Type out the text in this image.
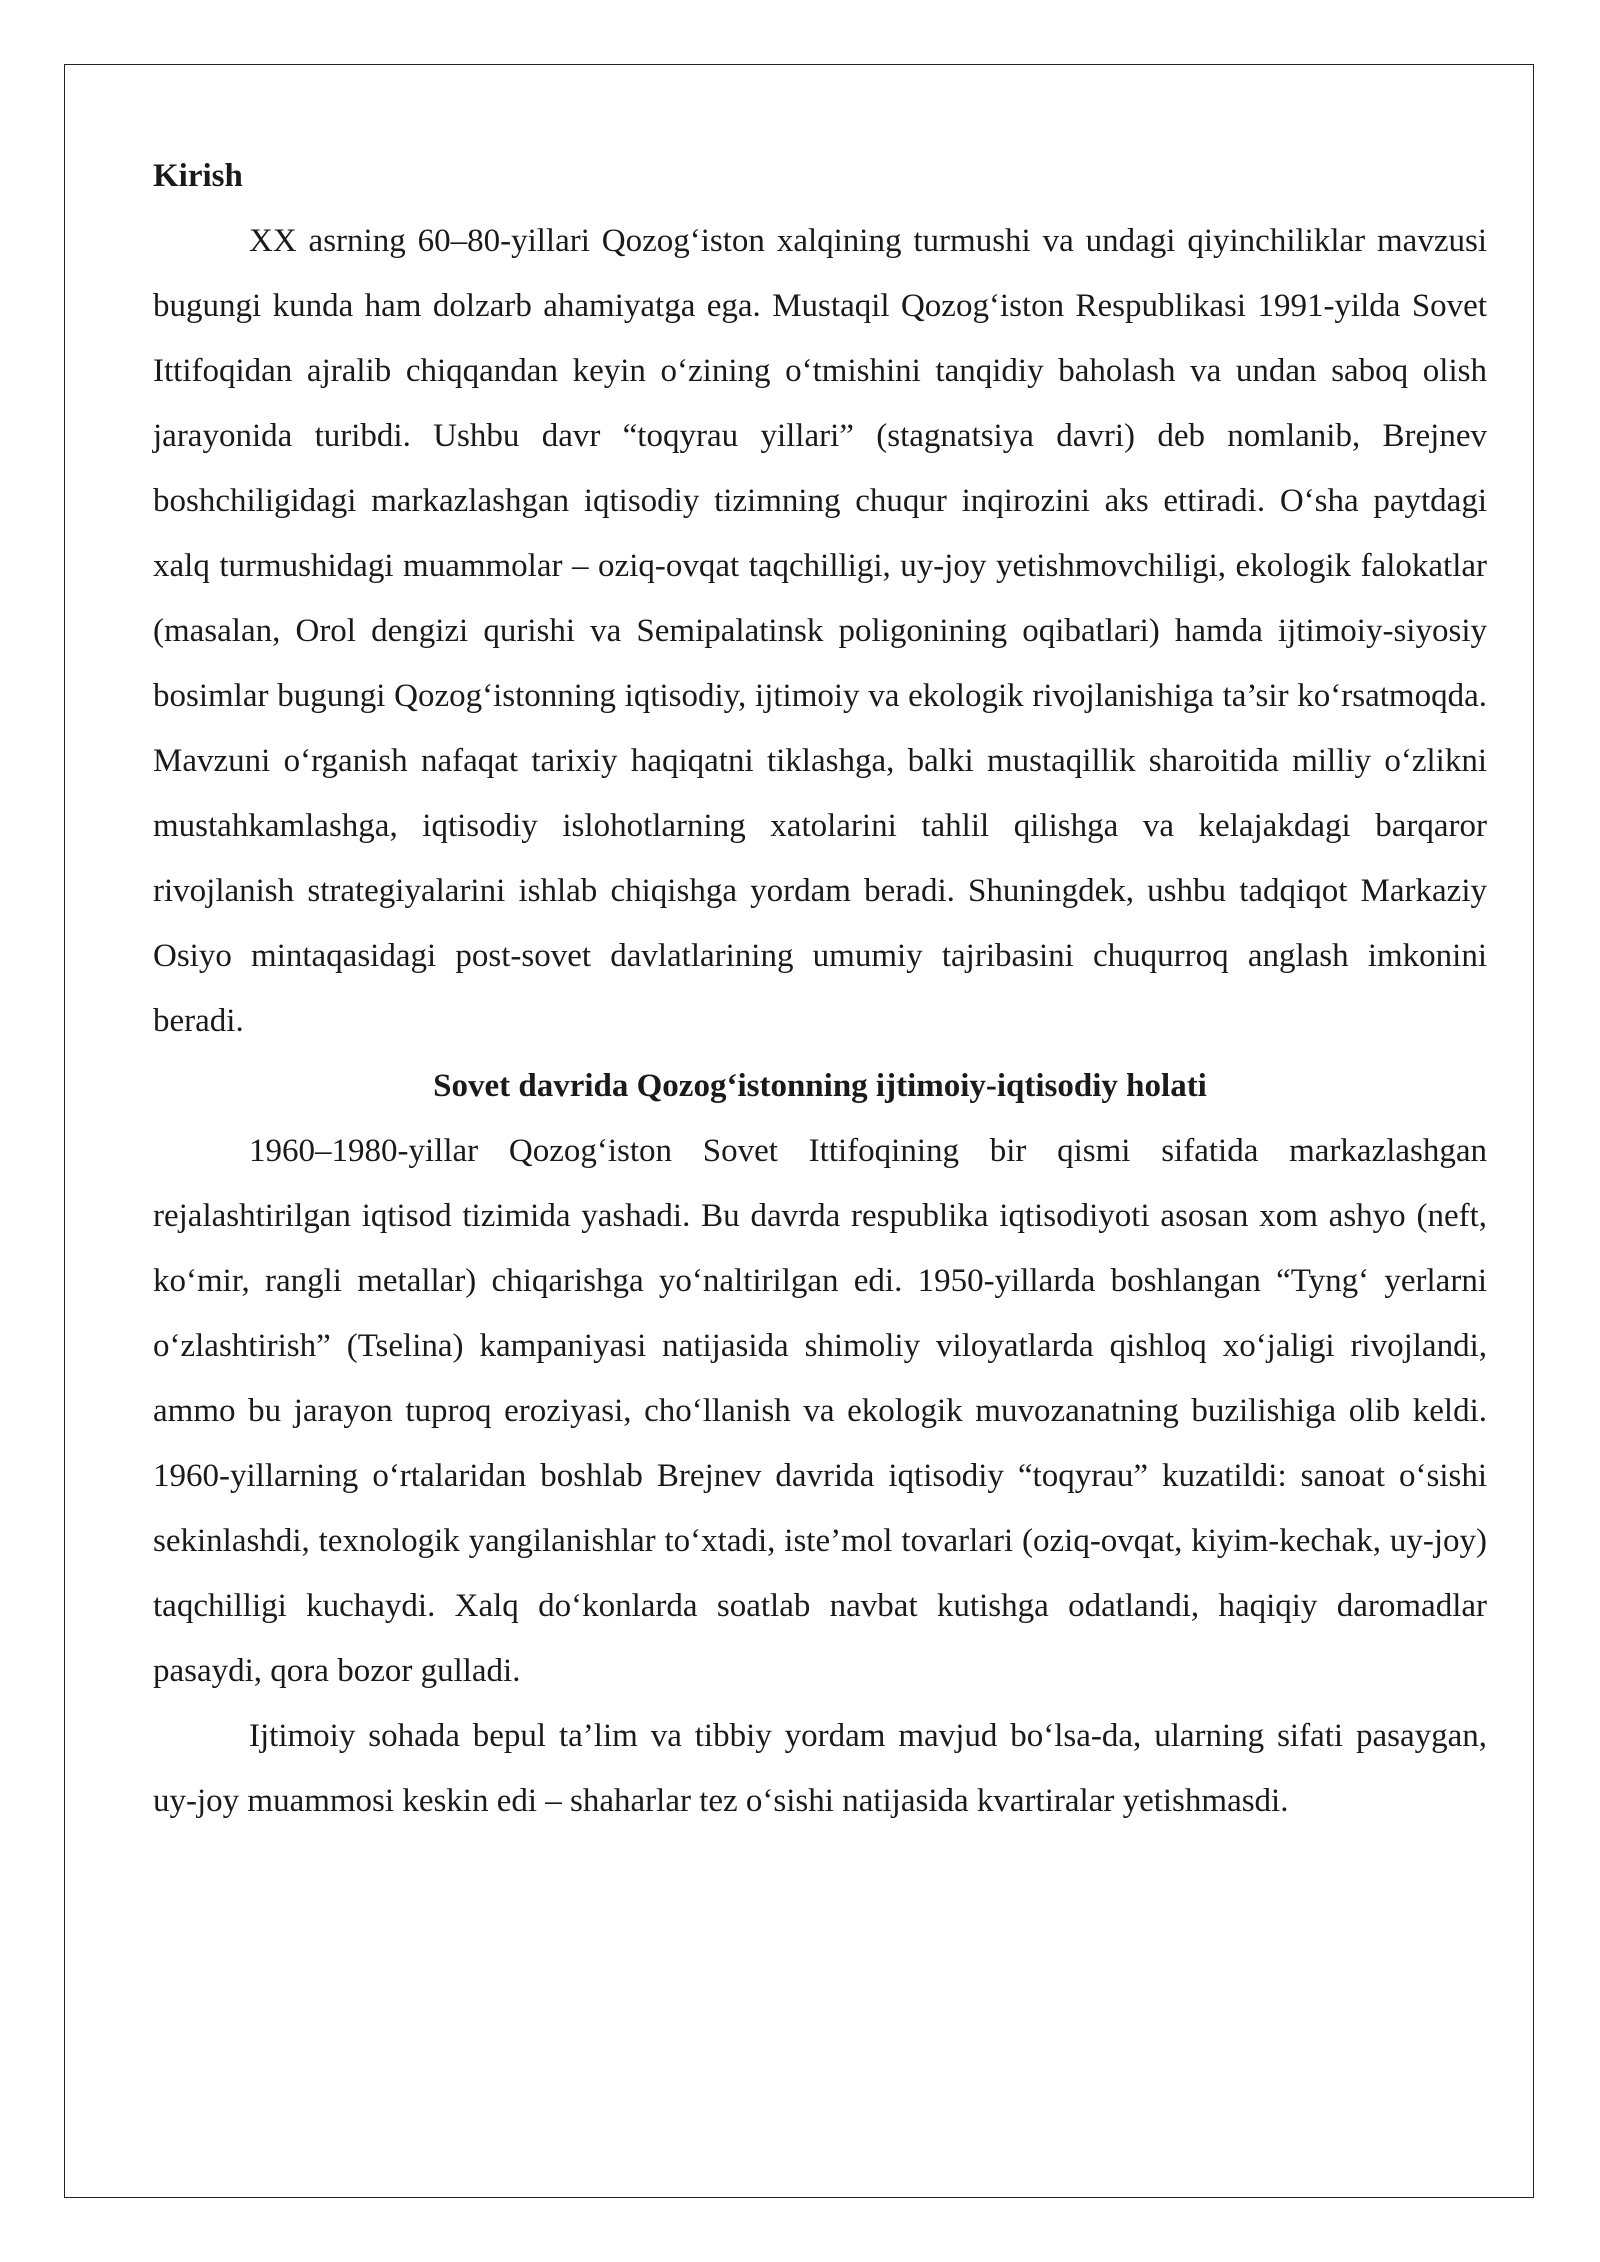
Kirish

XX asrning 60–80-yillari Qozog‘iston xalqining turmushi va undagi qiyinchiliklar mavzusi bugungi kunda ham dolzarb ahamiyatga ega. Mustaqil Qozog‘iston Respublikasi 1991-yilda Sovet Ittifoqidan ajralib chiqqandan keyin o‘zining o‘tmishini tanqidiy baholash va undan saboq olish jarayonida turibdi. Ushbu davr “toqyrau yillari” (stagnatsiya davri) deb nomlanib, Brejnev boshchiligidagi markazlashgan iqtisodiy tizimning chuqur inqirozini aks ettiradi. O‘sha paytdagi xalq turmushidagi muammolar – oziq-ovqat taqchilligi, uy-joy yetishmovchiligi, ekologik falokatlar (masalan, Orol dengizi qurishi va Semipalatinsk poligonining oqibatlari) hamda ijtimoiy-siyosiy bosimlar bugungi Qozog‘istonning iqtisodiy, ijtimoiy va ekologik rivojlanishiga ta’sir ko‘rsatmoqda. Mavzuni o‘rganish nafaqat tarixiy haqiqatni tiklashga, balki mustaqillik sharoitida milliy o‘zlikni mustahkamlashga, iqtisodiy islohotlarning xatolarini tahlil qilishga va kelajakdagi barqaror rivojlanish strategiyalarini ishlab chiqishga yordam beradi. Shuningdek, ushbu tadqiqot Markaziy Osiyo mintaqasidagi post-sovet davlatlarining umumiy tajribasini chuqurroq anglash imkonini beradi.

Sovet davrida Qozog‘istonning ijtimoiy-iqtisodiy holati

1960–1980-yillar Qozog‘iston Sovet Ittifoqining bir qismi sifatida markazlashgan rejalashtirilgan iqtisod tizimida yashadi. Bu davrda respublika iqtisodiyoti asosan xom ashyo (neft, ko‘mir, rangli metallar) chiqarishga yo‘naltirilgan edi. 1950-yillarda boshlangan “Tyng‘ yerlarni o‘zlashtirish” (Tselina) kampaniyasi natijasida shimoliy viloyatlarda qishloq xo‘jaligi rivojlandi, ammo bu jarayon tuproq eroziyasi, cho‘llanish va ekologik muvozanatning buzilishiga olib keldi. 1960-yillarning o‘rtalaridan boshlab Brejnev davrida iqtisodiy “toqyrau” kuzatildi: sanoat o‘sishi sekinlashdi, texnologik yangilanishlar to‘xtadi, iste’mol tovarlari (oziq-ovqat, kiyim-kechak, uy-joy) taqchilligi kuchaydi. Xalq do‘konlarda soatlab navbat kutishga odatlandi, haqiqiy daromadlar pasaydi, qora bozor gulladi.

Ijtimoiy sohada bepul ta’lim va tibbiy yordam mavjud bo‘lsa-da, ularning sifati pasaygan, uy-joy muammosi keskin edi – shaharlar tez o‘sishi natijasida kvartiralar yetishmasdi.
